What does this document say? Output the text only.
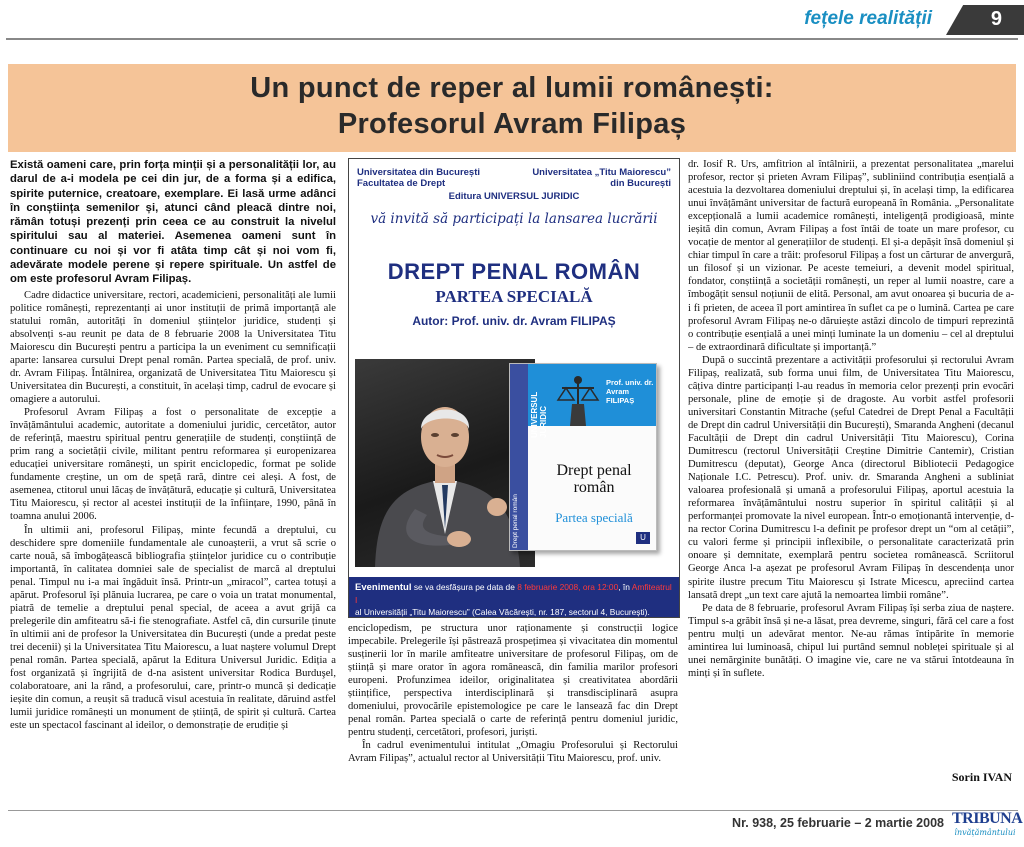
fețele realității	9
Un punct de reper al lumii românești:
Profesorul Avram Filipaș
Există oameni care, prin forța minții și a personalității lor, au darul de a-i modela pe cei din jur, de a forma și a edifica, spirite puternice, creatoare, exemplare. Ei lasă urme adânci în conștiința semenilor și, atunci când pleacă dintre noi, rămân totuși prezenți prin ceea ce au construit la nivelul spiritului sau al materiei. Asemenea oameni sunt în continuare cu noi și vor fi atâta timp cât și noi vom fi, adevărate modele perene și repere spirituale. Un astfel de om este profesorul Avram Filipaș.

Cadre didactice universitare, rectori, academicieni, personalități ale lumii politice românești, reprezentanți ai unor instituții de primă importanță ale statului român, autorități în domeniul științelor juridice, studenți și absolvenți s-au reunit pe data de 8 februarie 2008 la Universitatea Titu Maiorescu din București pentru a participa la un eveniment cu semnificații aparte: lansarea cursului Drept penal român. Partea specială, de prof. univ. dr. Avram Filipaș. Întâlnirea, organizată de Universitatea Titu Maiorescu și Universitatea din București, a constituit, în același timp, cadrul de evocare și omagiere a autorului.

Profesorul Avram Filipaș a fost o personalitate de excepție a învățământului academic, autoritate a domeniului juridic, cercetător, autor de referință, maestru spiritual pentru generațiile de studenți, conștiință de prim rang a societății civile, militant pentru reformarea și europenizarea educației universitare românești, un spirit enciclopedic, format pe solide fundamente creștine, un om de speță rară, dintre cei aleși. A fost, de asemenea, ctitorul unui lăcaș de învățătură, educație și cultură, Universitatea Titu Maiorescu, și rector al acestei instituții de la înființare, 1990, până în toamna anului 2006.

În ultimii ani, profesorul Filipaș, minte fecundă a dreptului, cu deschidere spre domeniile fundamentale ale cunoașterii, a vrut să scrie o carte nouă, să îmbogățească bibliografia științelor juridice cu o contribuție importantă, în calitatea domniei sale de specialist de marcă al dreptului penal. Timpul nu i-a mai îngăduit însă. Printr-un „miracol”, cartea totuși a apărut. Profesorul își plănuia lucrarea, pe care o voia un tratat monumental, piatră de temelie a dreptului penal special, de aceea a avut grijă ca prelegerile din amfiteatru să-i fie stenografiate. Astfel că, din cursurile ținute în ultimii ani de profesor la Universitatea din București (unde a predat peste trei decenii) și la Universitatea Titu Maiorescu, a luat naștere volumul Drept penal român. Partea specială, apărut la Editura Universul Juridic. Ediția a fost organizată și îngrijită de d-na asistent universitar Rodica Burduşel, colaboratoare, ani la rând, a profesorului, care, printr-o muncă și dedicație ieșite din comun, a reușit să traducă visul acestuia în realitate, dăruind astfel lumii juridice românești un monument de știință, de spirit și cultură. Cartea este un spectacol fascinant al ideilor, o demonstrație de erudiție și

Universitatea din București
Facultatea de Drept
Universitatea „Titu Maiorescu”
din București
Editura UNIVERSUL JURIDIC
vă invită să participați la lansarea lucrării
DREPT PENAL ROMÂN
PARTEA SPECIALĂ
Autor: Prof. univ. dr. Avram FILIPAȘ
UNIVERSUL JURIDIC
Prof. univ. dr. Avram FILIPAȘ
Drept penal
român
Partea specială
Drept penal român	U
Evenimentul se va desfășura pe data de 8 februarie 2008, ora 12:00, în Amfiteatrul I
al Universității „Titu Maiorescu” (Calea Văcărești, nr. 187, sectorul 4, București).

enciclopedism, pe structura unor raționamente și construcții logice impecabile. Prelegerile își păstrează prospețimea și vivacitatea din momentul susținerii lor în marile amfiteatre universitare de profesorul Filipaș, om de știință și mare orator în agora românească, din familia marilor profesori europeni. Profunzimea ideilor, originalitatea și creativitatea abordării științifice, perspectiva interdisciplinară și transdisciplinară asupra domeniului, provocările epistemologice pe care le lansează fac din Drept penal român. Partea specială o carte de referință pentru domeniul juridic, pentru studenți, cercetători, profesori, juriști.

În cadrul evenimentului intitulat „Omagiu Profesorului și Rectorului Avram Filipaș”, actualul rector al Universității Titu Maiorescu, prof. univ.

dr. Iosif R. Urs, amfitrion al întâlnirii, a prezentat personalitatea „marelui profesor, rector și prieten Avram Filipaș”, subliniind contribuția esențială a acestuia la dezvoltarea domeniului dreptului și, în același timp, la edificarea unui învățământ universitar de factură europeană în România. „Personalitate excepțională a lumii academice românești, inteligență prodigioasă, minte ieșită din comun, Avram Filipaș a fost întâi de toate un mare profesor, cu vocație de mentor al generațiilor de studenți. El și-a depășit însă domeniul și chiar timpul în care a trăit: profesorul Filipaș a fost un cărturar de anvergură, un filosof și un vizionar. Pe aceste temeiuri, a devenit model spiritual, fondator, conștiință a societății românești, un reper al lumii noastre, care a îmbogățit sensul noțiunii de elită. Personal, am avut onoarea și bucuria de a-i fi prieten, de aceea îl port amintirea în suflet ca pe o lumină. Cartea pe care profesorul Avram Filipaș ne-o dăruiește astăzi dincolo de timpuri reprezintă o contribuție esențială a unei minți luminate la un domeniu – cel al dreptului – de extraordinară dificultate și importanță.”

După o succintă prezentare a activității profesorului și rectorului Avram Filipaș, realizată, sub forma unui film, de Universitatea Titu Maiorescu, câțiva dintre participanți l-au readus în memoria celor prezenți prin evocări personale, pline de emoție și de dragoste. Au vorbit astfel profesorii universitari Constantin Mitrache (șeful Catedrei de Drept Penal a Facultății de Drept din cadrul Universității din București), Smaranda Angheni (decanul Facultății de Drept din cadrul Universității Titu Maiorescu), Corina Dumitrescu (rectorul Universității Creștine Dimitrie Cantemir), Cristian Dumitrescu (deputat), George Anca (directorul Bibliotecii Pedagogice Naționale I.C. Petrescu). Prof. univ. dr. Smaranda Angheni a subliniat valoarea profesională și umană a profesorului Filipaș, aportul acestuia la reformarea învățământului nostru superior în spiritul calității și al performanței promovate la nivel european. Într-o emoționantă intervenție, d-na rector Corina Dumitrescu l-a definit pe profesor drept un “om al cetății”, cu valori ferme și principii inflexibile, o personalitate caracterizată prin onoare și demnitate, exemplară pentru societea românească. Scriitorul George Anca l-a așezat pe profesorul Avram Filipaș în descendența unor spirite ilustre precum Titu Maiorescu și Istrate Micescu, apreciind cartea lansată drept „un text care ajută la nemoartea limbii române”.

Pe data de 8 februarie, profesorul Avram Filipaș își serba ziua de naștere. Timpul s-a grăbit însă și ne-a lăsat, prea devreme, singuri, fără cel care a fost pentru mulți un adevărat mentor. Ne-au rămas întipărite în memorie amintirea lui luminoasă, chipul lui purtând semnul nobleței spirituale și al unei nemărginite bunătăți. O imagine vie, care ne va stărui întotdeauna în minți și în suflete.

Sorin IVAN
Nr. 938, 25 februarie – 2 martie 2008 TRIBUNA
învățământului
